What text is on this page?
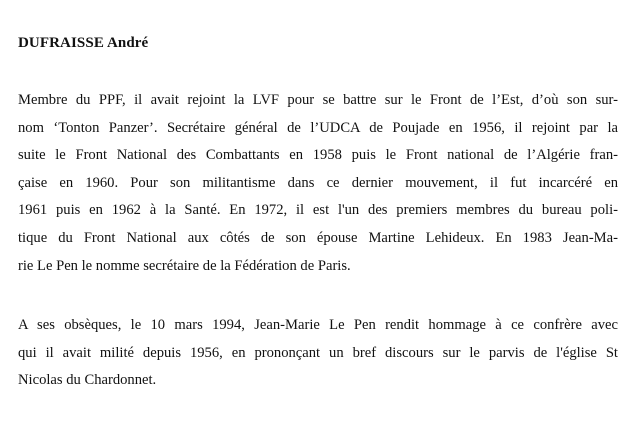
DUFRAISSE André
Membre du PPF, il avait rejoint la LVF pour se battre sur le Front de l’Est, d’où son sur-
nom ‘Tonton Panzer’. Secrétaire général de l’UDCA de Poujade en 1956, il rejoint par la
suite le Front National des Combattants en 1958 puis le Front national de l’Algérie fran-
çaise en 1960. Pour son militantisme dans ce dernier mouvement, il fut incarcéré en
1961 puis en 1962 à la Santé. En 1972, il est l'un des premiers membres du bureau poli-
tique du Front National aux côtés de son épouse Martine Lehideux. En 1983 Jean-Ma-
rie Le Pen le nomme secrétaire de la Fédération de Paris.
A ses obsèques, le 10 mars 1994, Jean-Marie Le Pen rendit hommage à ce confrère avec
qui il avait milité depuis 1956, en prononçant un bref discours sur le parvis de l'église St
Nicolas du Chardonnet.
